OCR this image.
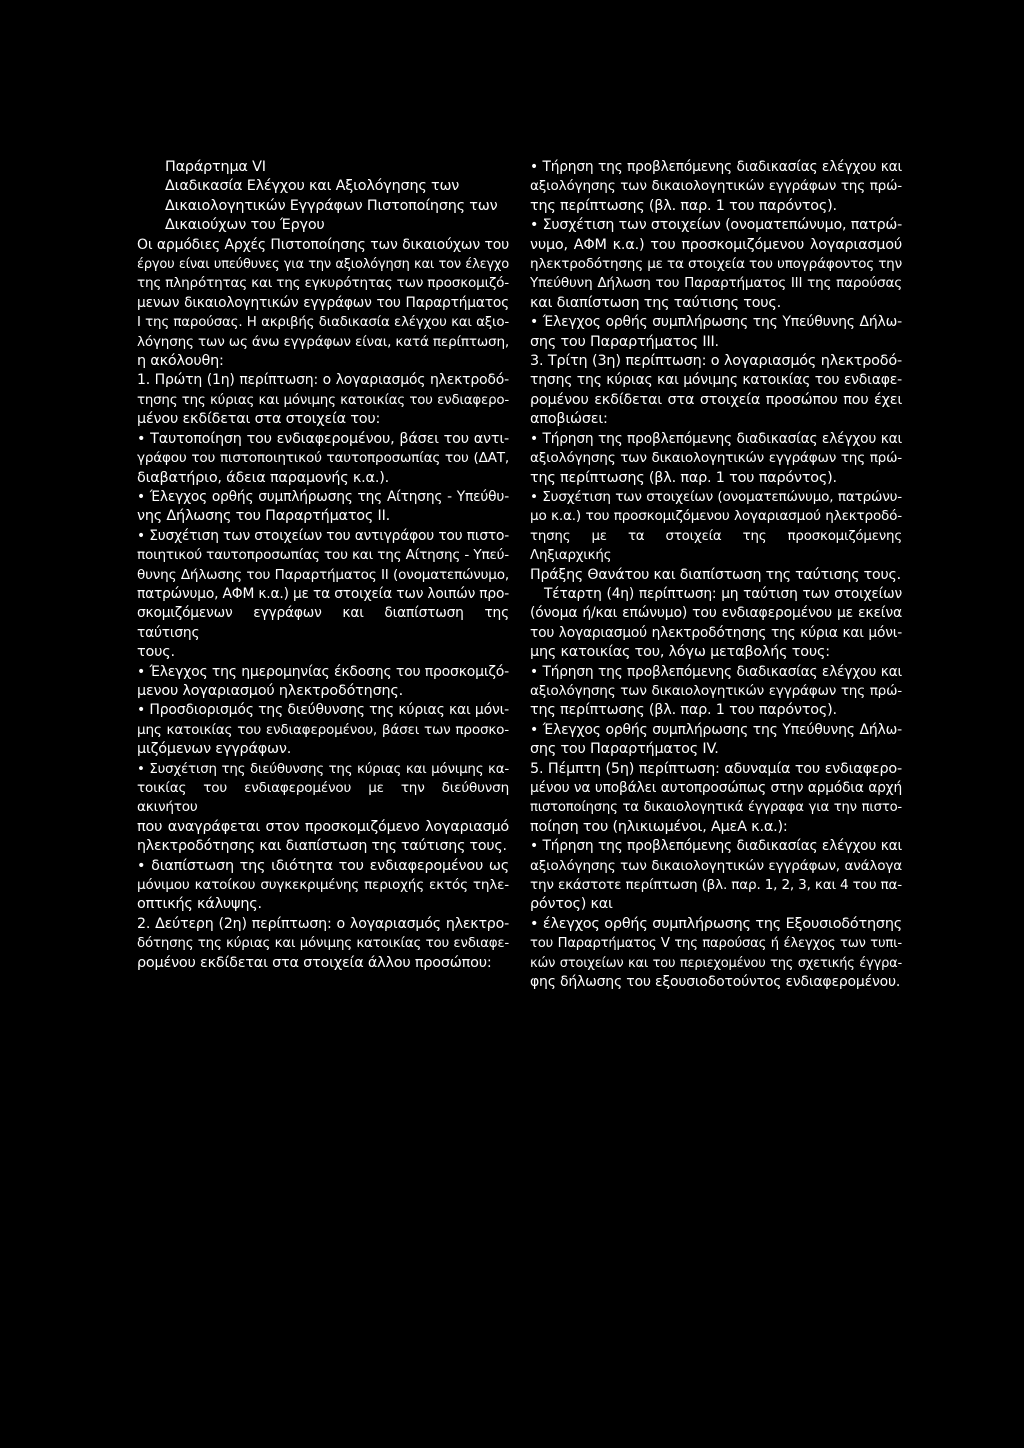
Παράρτημα VI
Διαδικασία Ελέγχου και Αξιολόγησης των
Δικαιολογητικών Εγγράφων Πιστοποίησης των
Δικαιούχων του Έργου
Οι αρμόδιες Αρχές Πιστοποίησης των δικαιούχων του
έργου είναι υπεύθυνες για την αξιολόγηση και τον έλεγχο
της πληρότητας και της εγκυρότητας των προσκομιζό-
μενων δικαιολογητικών εγγράφων του Παραρτήματος
Ι της παρούσας. Η ακριβής διαδικασία ελέγχου και αξιο-
λόγησης των ως άνω εγγράφων είναι, κατά περίπτωση,
η ακόλουθη:
1. Πρώτη (1η) περίπτωση: ο λογαριασμός ηλεκτροδό-
τησης της κύριας και μόνιμης κατοικίας του ενδιαφερο-
μένου εκδίδεται στα στοιχεία του:
• Ταυτοποίηση του ενδιαφερομένου, βάσει του αντι-
γράφου του πιστοποιητικού ταυτοπροσωπίας του (ΔΑΤ,
διαβατήριο, άδεια παραμονής κ.α.).
• Έλεγχος ορθής συμπλήρωσης της Αίτησης - Υπεύθυ-
νης Δήλωσης του Παραρτήματος ΙΙ.
• Συσχέτιση των στοιχείων του αντιγράφου του πιστο-
ποιητικού ταυτοπροσωπίας του και της Αίτησης - Υπεύ-
θυνης Δήλωσης του Παραρτήματος ΙΙ (ονοματεπώνυμο,
πατρώνυμο, ΑΦΜ κ.α.) με τα στοιχεία των λοιπών προ-
σκομιζόμενων εγγράφων και διαπίστωση της ταύτισης
τους.
• Έλεγχος της ημερομηνίας έκδοσης του προσκομιζό-
μενου λογαριασμού ηλεκτροδότησης.
• Προσδιορισμός της διεύθυνσης της κύριας και μόνι-
μης κατοικίας του ενδιαφερομένου, βάσει των προσκο-
μιζόμενων εγγράφων.
• Συσχέτιση της διεύθυνσης της κύριας και μόνιμης κα-
τοικίας του ενδιαφερομένου με την διεύθυνση ακινήτου
που αναγράφεται στον προσκομιζόμενο λογαριασμό
ηλεκτροδότησης και διαπίστωση της ταύτισης τους.
• διαπίστωση της ιδιότητα του ενδιαφερομένου ως
μόνιμου κατοίκου συγκεκριμένης περιοχής εκτός τηλε-
οπτικής κάλυψης.
2. Δεύτερη (2η) περίπτωση: ο λογαριασμός ηλεκτρο-
δότησης της κύριας και μόνιμης κατοικίας του ενδιαφε-
ρομένου εκδίδεται στα στοιχεία άλλου προσώπου:
• Τήρηση της προβλεπόμενης διαδικασίας ελέγχου και
αξιολόγησης των δικαιολογητικών εγγράφων της πρώ-
της περίπτωσης (βλ. παρ. 1 του παρόντος).
• Συσχέτιση των στοιχείων (ονοματεπώνυμο, πατρώ-
νυμο, ΑΦΜ κ.α.) του προσκομιζόμενου λογαριασμού
ηλεκτροδότησης με τα στοιχεία του υπογράφοντος την
Υπεύθυνη Δήλωση του Παραρτήματος ΙΙΙ της παρούσας
και διαπίστωση της ταύτισης τους.
• Έλεγχος ορθής συμπλήρωσης της Υπεύθυνης Δήλω-
σης του Παραρτήματος ΙΙΙ.
3. Τρίτη (3η) περίπτωση: ο λογαριασμός ηλεκτροδό-
τησης της κύριας και μόνιμης κατοικίας του ενδιαφε-
ρομένου εκδίδεται στα στοιχεία προσώπου που έχει
αποβιώσει:
• Τήρηση της προβλεπόμενης διαδικασίας ελέγχου και
αξιολόγησης των δικαιολογητικών εγγράφων της πρώ-
της περίπτωσης (βλ. παρ. 1 του παρόντος).
• Συσχέτιση των στοιχείων (ονοματεπώνυμο, πατρώνυ-
μο κ.α.) του προσκομιζόμενου λογαριασμού ηλεκτροδό-
τησης με τα στοιχεία της προσκομιζόμενης Ληξιαρχικής
Πράξης Θανάτου και διαπίστωση της ταύτισης τους.
Τέταρτη (4η) περίπτωση: μη ταύτιση των στοιχείων
(όνομα ή/και επώνυμο) του ενδιαφερομένου με εκείνα
του λογαριασμού ηλεκτροδότησης της κύρια και μόνι-
μης κατοικίας του, λόγω μεταβολής τους:
• Τήρηση της προβλεπόμενης διαδικασίας ελέγχου και
αξιολόγησης των δικαιολογητικών εγγράφων της πρώ-
της περίπτωσης (βλ. παρ. 1 του παρόντος).
• Έλεγχος ορθής συμπλήρωσης της Υπεύθυνης Δήλω-
σης του Παραρτήματος IV.
5. Πέμπτη (5η) περίπτωση: αδυναμία του ενδιαφερο-
μένου να υποβάλει αυτοπροσώπως στην αρμόδια αρχή
πιστοποίησης τα δικαιολογητικά έγγραφα για την πιστο-
ποίηση του (ηλικιωμένοι, ΑμεΑ κ.α.):
• Τήρηση της προβλεπόμενης διαδικασίας ελέγχου και
αξιολόγησης των δικαιολογητικών εγγράφων, ανάλογα
την εκάστοτε περίπτωση (βλ. παρ. 1, 2, 3, και 4 του πα-
ρόντος) και
• έλεγχος ορθής συμπλήρωσης της Εξουσιοδότησης
του Παραρτήματος V της παρούσας ή έλεγχος των τυπι-
κών στοιχείων και του περιεχομένου της σχετικής έγγρα-
φης δήλωσης του εξουσιοδοτούντος ενδιαφερομένου.
